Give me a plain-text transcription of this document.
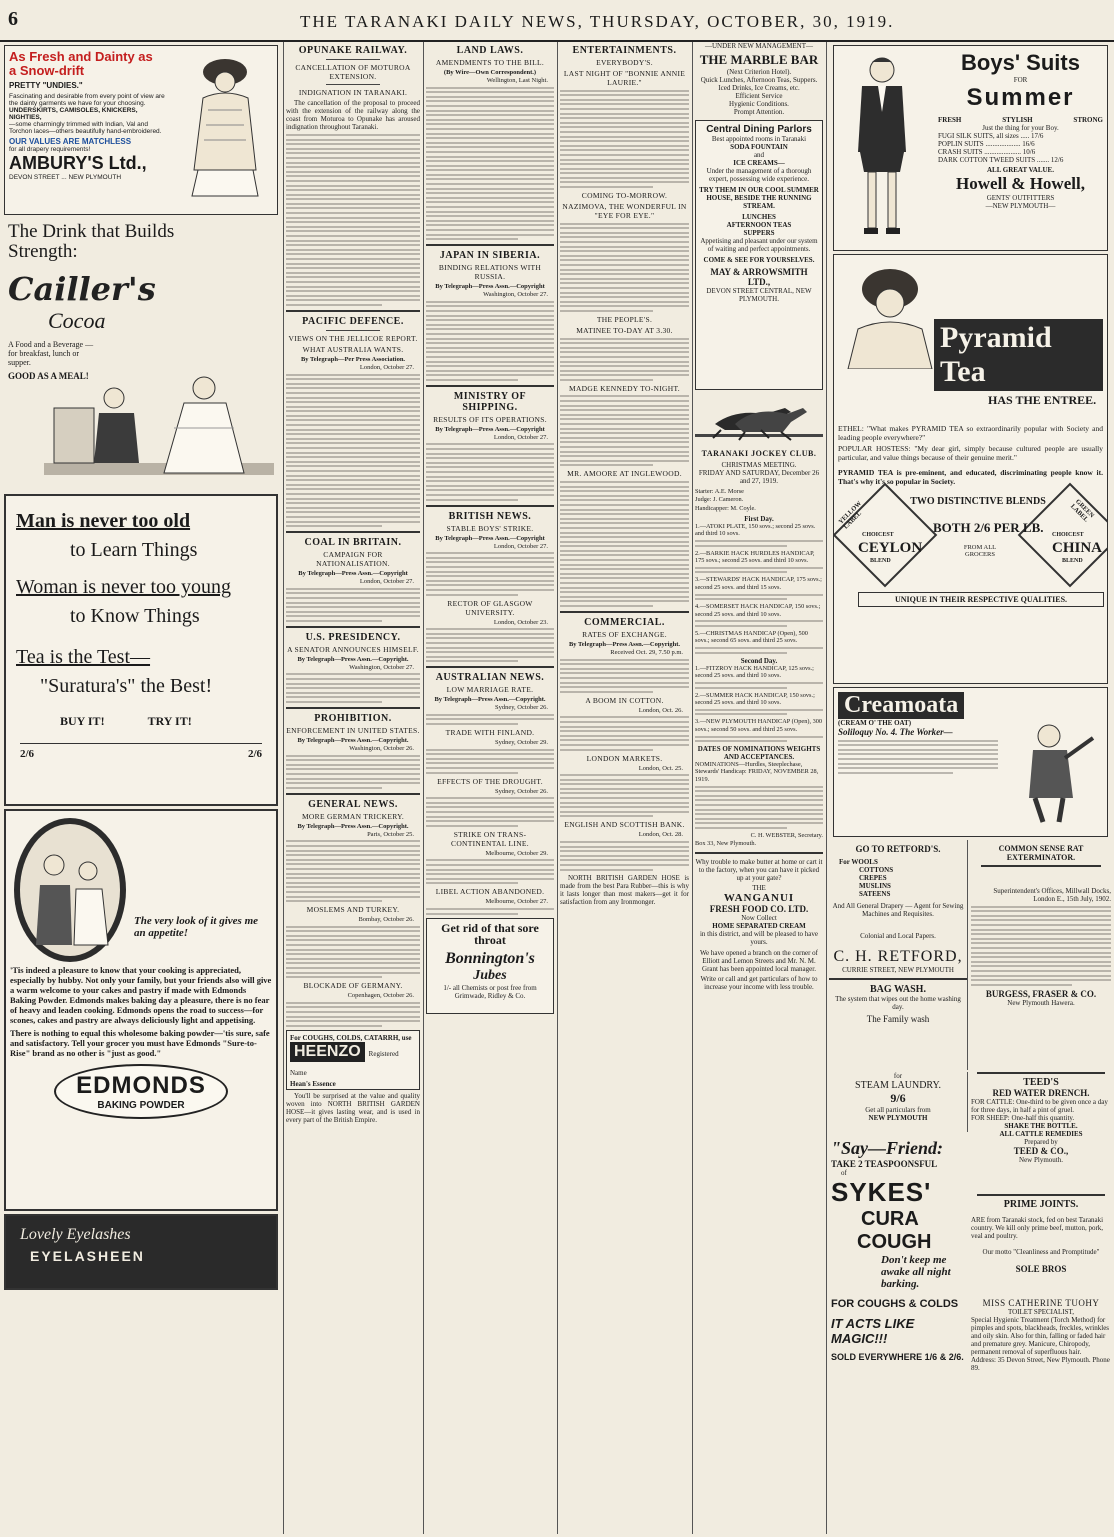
6	THE TARANAKI DAILY NEWS, THURSDAY, OCTOBER, 30, 1919.
As Fresh and Dainty as a Snow-drift
PRETTY "UNDIES."
Fascinating and desirable from every point of view are the dainty garments we have for your choosing.
UNDERSKIRTS, CAMISOLES, KNICKERS, NIGHTIES,
—some charmingly trimmed with Indian, Val and Torchon laces—others beautifully hand-embroidered.
OUR VALUES ARE MATCHLESS
for all drapery requirements!
AMBURY'S Ltd.,
DEVON STREET ... NEW PLYMOUTH
The Drink that Builds Strength:
Cailler's
Cocoa
A Food and a Beverage —for breakfast, lunch or supper.
GOOD AS A MEAL!
Man is never too old
to Learn Things
Woman is never too young
to Know Things
Tea is the Test—
"Suratura's" the Best!
BUY IT!	TRY IT!
2/6	2/6
The very look of it gives me an appetite!
'Tis indeed a pleasure to know that your cooking is appreciated, especially by hubby. Not only your family, but your friends also will give a warm welcome to your cakes and pastry if made with Edmonds Baking Powder. Edmonds makes baking day a pleasure, there is no fear of heavy and leaden cooking. Edmonds opens the road to success—for scones, cakes and pastry are always deliciously light and appetising.
There is nothing to equal this wholesome baking powder—'tis sure, safe and satisfactory. Tell your grocer you must have Edmonds "Sure-to-Rise" brand as no other is "just as good."
EDMONDS
BAKING POWDER
Lovely Eyelashes
EYELASHEEN
OPUNAKE RAILWAY.
CANCELLATION OF MOTUROA EXTENSION.
INDIGNATION IN TARANAKI.
The cancellation of the proposal to proceed with the extension of the railway along the coast from Moturoa to Opunake has aroused indignation throughout Taranaki.
PACIFIC DEFENCE.
VIEWS ON THE JELLICOE REPORT.
WHAT AUSTRALIA WANTS.
By Telegraph—Per Press Association.
London, October 27.
COAL IN BRITAIN.
CAMPAIGN FOR NATIONALISATION.
By Telegraph—Press Assn.—Copyright
London, October 27.
U.S. PRESIDENCY.
A SENATOR ANNOUNCES HIMSELF.
By Telegraph—Press Assn.—Copyright.
Washington, October 27.
PROHIBITION.
ENFORCEMENT IN UNITED STATES.
By Telegraph—Press Assn.—Copyright.
Washington, October 26.
GENERAL NEWS.
MORE GERMAN TRICKERY.
By Telegraph—Press Assn.—Copyright.
Paris, October 25.
MOSLEMS AND TURKEY.
Bombay, October 26.
BLOCKADE OF GERMANY.
Copenhagen, October 26.
For COUGHS, COLDS, CATARRH, use
HEENZO Registered Name
Hean's Essence
You'll be surprised at the value and quality woven into NORTH BRITISH GARDEN HOSE—it gives lasting wear, and is used in every part of the British Empire.
LAND LAWS.
AMENDMENTS TO THE BILL.
(By Wire—Own Correspondent.)
Wellington, Last Night.
JAPAN IN SIBERIA.
BINDING RELATIONS WITH RUSSIA.
By Telegraph—Press Assn.—Copyright
Washington, October 27.
MINISTRY OF SHIPPING.
RESULTS OF ITS OPERATIONS.
By Telegraph—Press Assn.—Copyright
London, October 27.
BRITISH NEWS.
STABLE BOYS' STRIKE.
By Telegraph—Press Assn.—Copyright
London, October 27.
RECTOR OF GLASGOW UNIVERSITY.
London, October 23.
AUSTRALIAN NEWS.
LOW MARRIAGE RATE.
By Telegraph—Press Assn.—Copyright.
Sydney, October 26.
TRADE WITH FINLAND.
Sydney, October 29.
EFFECTS OF THE DROUGHT.
Sydney, October 26.
STRIKE ON TRANS-CONTINENTAL LINE.
Melbourne, October 29.
LIBEL ACTION ABANDONED.
Melbourne, October 27.
Get rid of that sore throat
Bonnington's
Jubes
1/- all Chemists or post free from Grimwade, Ridley & Co.
ENTERTAINMENTS.
EVERYBODY'S.
LAST NIGHT OF "BONNIE ANNIE LAURIE."
COMING TO-MORROW.
NAZIMOVA, THE WONDERFUL IN "EYE FOR EYE."
THE PEOPLE'S.
MATINEE TO-DAY AT 3.30.
MADGE KENNEDY TO-NIGHT.
MR. AMOORE AT INGLEWOOD.
COMMERCIAL.
RATES OF EXCHANGE.
By Telegraph—Press Assn.—Copyright.
Received Oct. 29, 7.50 p.m.
A BOOM IN COTTON.
London, Oct. 26.
LONDON MARKETS.
London, Oct. 25.
ENGLISH AND SCOTTISH BANK.
London, Oct. 28.
NORTH BRITISH GARDEN HOSE is made from the best Para Rubber—this is why it lasts longer than most makers—get it for satisfaction from any Ironmonger.
—UNDER NEW MANAGEMENT—
THE MARBLE BAR
(Next Criterion Hotel).
Quick Lunches, Afternoon Teas, Suppers.
Iced Drinks, Ice Creams, etc.
Efficient Service
Hygienic Conditions.
Prompt Attention.
Central Dining Parlors
Best appointed rooms in Taranaki
SODA FOUNTAIN
and
ICE CREAMS—
Under the management of a thorough expert, possessing wide experience.
TRY THEM IN OUR COOL SUMMER HOUSE, BESIDE THE RUNNING STREAM.
LUNCHES
AFTERNOON TEAS
SUPPERS
Appetising and pleasant under our system of waiting and perfect appointments.
COME & SEE FOR YOURSELVES.
MAY & ARROWSMITH LTD.,
DEVON STREET CENTRAL, NEW PLYMOUTH.
TARANAKI JOCKEY CLUB.
CHRISTMAS MEETING.
FRIDAY AND SATURDAY, December 26 and 27, 1919.
Starter: A.E. Morse
Judge: J. Cameron.
Handicapper: M. Coyle.
First Day.
1.—ATOKI PLATE, 150 sovs.; second 25 sovs. and third 10 sovs.
2.—BARKIE HACK HURDLES HANDICAP, 175 sovs.; second 25 sovs. and third 10 sovs.
3.—STEWARDS' HACK HANDICAP, 175 sovs.; second 25 sovs. and third 15 sovs.
4.—SOMERSET HACK HANDICAP, 150 sovs.; second 25 sovs. and third 10 sovs.
5.—CHRISTMAS HANDICAP (Open), 500 sovs.; second 65 sovs. and third 25 sovs.
Second Day.
1.—FITZROY HACK HANDICAP, 125 sovs.; second 25 sovs. and third 10 sovs.
2.—SUMMER HACK HANDICAP, 150 sovs.; second 25 sovs. and third 10 sovs.
3.—NEW PLYMOUTH HANDICAP (Open), 300 sovs.; second 50 sovs. and third 25 sovs.
DATES OF NOMINATIONS WEIGHTS AND ACCEPTANCES.
NOMINATIONS—Hurdles, Steeplechase, Stewards' Handicap: FRIDAY, NOVEMBER 28, 1919.
C. H. WEBSTER, Secretary.
Box 33, New Plymouth.
Why trouble to make butter at home or cart it to the factory, when you can have it picked up at your gate?
THE
WANGANUI
FRESH FOOD CO. LTD.
Now Collect
HOME SEPARATED CREAM
in this district, and will be pleased to have yours.
We have opened a branch on the corner of Elliott and Lemon Streets and Mr. N. M. Grant has been appointed local manager.
Write or call and get particulars of how to increase your income with less trouble.
Boys' Suits
FOR
Summer
FRESH	STYLISH	STRONG
Just the thing for your Boy.
FUGI SILK SUITS, all sizes ..... 17/6
POPLIN SUITS .................... 16/6
CRASH SUITS ..................... 10/6
DARK COTTON TWEED SUITS ....... 12/6
ALL GREAT VALUE.
Howell & Howell,
GENTS' OUTFITTERS
—NEW PLYMOUTH—
Pyramid Tea
HAS THE ENTREE.
ETHEL: "What makes PYRAMID TEA so extraordinarily popular with Society and leading people everywhere?"
POPULAR HOSTESS: "My dear girl, simply because cultured people are usually particular, and value things because of their genuine merit."
PYRAMID TEA is pre-eminent, and educated, discriminating people know it. That's why it's so popular in Society.
YELLOW LABEL
GREEN LABEL
TWO DISTINCTIVE BLENDS
CHOICEST
CEYLON
BLEND
BOTH 2/6 PER LB.
FROM ALL GROCERS	CHINA
CHOICEST
BLEND
UNIQUE IN THEIR RESPECTIVE QUALITIES.
Creamoata
(CREAM O' THE OAT)
Soliloquy No. 4. The Worker—
GO TO RETFORD'S.
For WOOLS
COTTONS
CREPES
MUSLINS
SATEENS
And All General Drapery — Agent for Sewing Machines and Requisites.
Colonial and Local Papers.
C. H. RETFORD,
CURRIE STREET, NEW PLYMOUTH
BAG WASH.
The system that wipes out the home washing day.
The Family wash
COMMON SENSE RAT EXTERMINATOR.
Superintendent's Offices, Millwall Docks, London E., 15th July, 1902.
BURGESS, FRASER & CO.
New Plymouth Hawera.
for
STEAM LAUNDRY.
9/6
Get all particulars from
NEW PLYMOUTH
"Say—Friend:
TAKE 2 TEASPOONSFUL
of
SYKES'
CURA
COUGH
Don't keep me awake all night barking.
TEED'S
RED WATER DRENCH.
FOR CATTLE: One-third to be given once a day for three days, in half a pint of gruel.
FOR SHEEP: One-half this quantity.
SHAKE THE BOTTLE.
ALL CATTLE REMEDIES
Prepared by
TEED & CO.,
New Plymouth.
PRIME JOINTS.
ARE from Taranaki stock, fed on best Taranaki country. We kill only prime beef, mutton, pork, veal and poultry.
Our motto "Cleanliness and Promptitude"
SOLE BROS
FOR COUGHS & COLDS
IT ACTS LIKE MAGIC!!!
SOLD EVERYWHERE 1/6 & 2/6.
MISS CATHERINE TUOHY
TOILET SPECIALIST,
Special Hygienic Treatment (Torch Method) for pimples and spots, blackheads, freckles, wrinkles and oily skin. Also for thin, falling or faded hair and premature grey. Manicure, Chiropody, permanent removal of superfluous hair.
Address: 35 Devon Street, New Plymouth. Phone 89.
